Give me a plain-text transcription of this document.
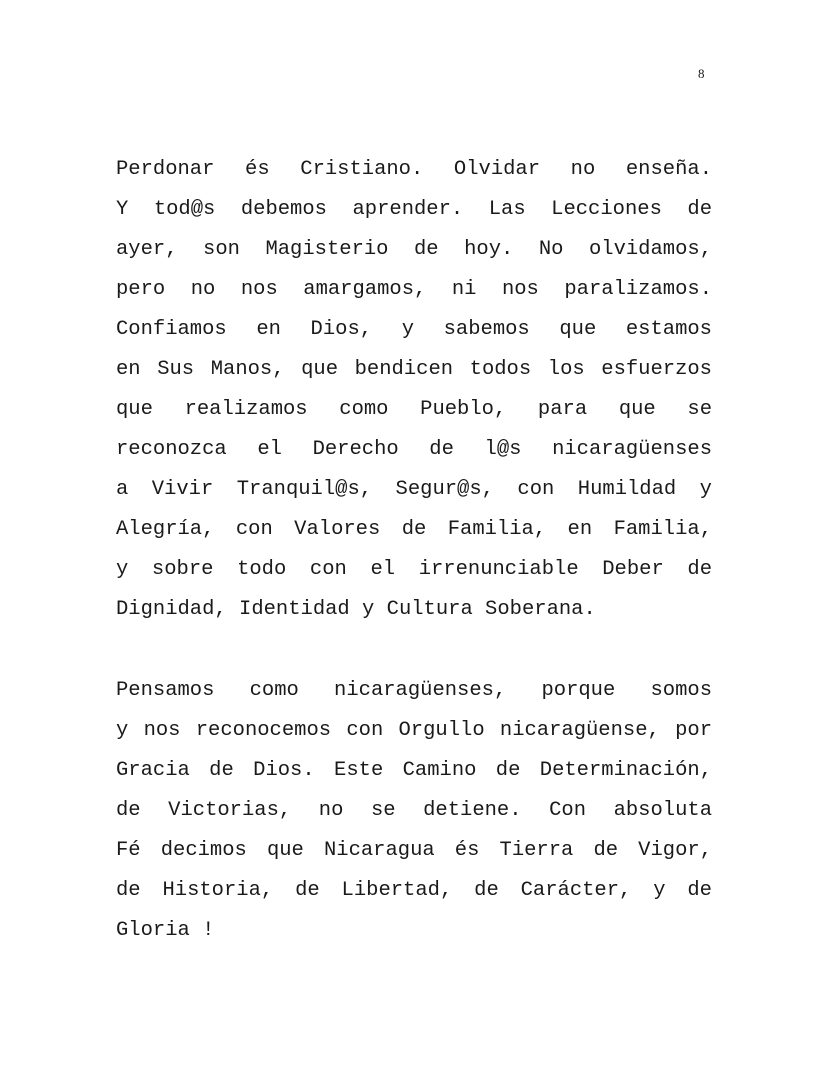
8
Perdonar és Cristiano. Olvidar no enseña.
Y tod@s debemos aprender. Las Lecciones de
ayer, son Magisterio de hoy. No olvidamos,
pero no nos amargamos, ni nos paralizamos.
Confiamos en Dios, y sabemos que estamos
en Sus Manos, que bendicen todos los esfuerzos
que realizamos como Pueblo, para que se
reconozca el Derecho de l@s nicaragüenses
a Vivir Tranquil@s, Segur@s, con Humildad y
Alegría, con Valores de Familia, en Familia,
y sobre todo con el irrenunciable Deber de
Dignidad, Identidad y Cultura Soberana.
Pensamos como nicaragüenses, porque somos
y nos reconocemos con Orgullo nicaragüense, por
Gracia de Dios. Este Camino de Determinación,
de Victorias, no se detiene. Con absoluta
Fé decimos que Nicaragua és Tierra de Vigor,
de Historia, de Libertad, de Carácter, y de
Gloria !
